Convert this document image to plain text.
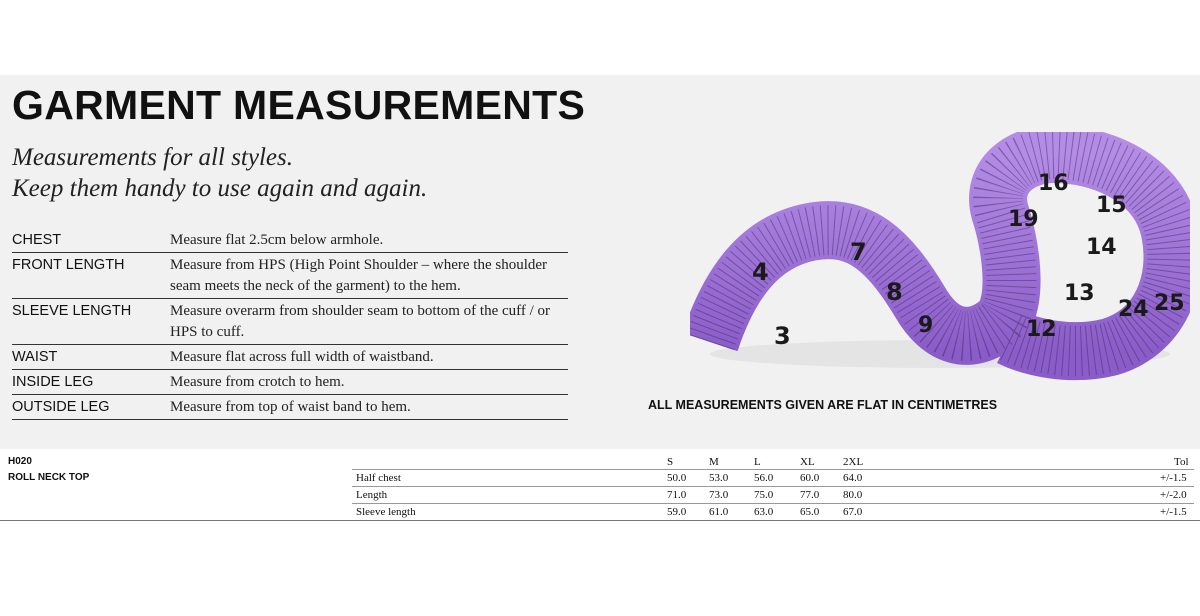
GARMENT MEASUREMENTS
Measurements for all styles.
Keep them handy to use again and again.
CHEST	Measure flat 2.5cm below armhole.
FRONT LENGTH	Measure from HPS (High Point Shoulder – where the shoulder seam meets the neck of the garment) to the hem.
SLEEVE LENGTH	Measure overarm from shoulder seam to bottom of the cuff / or HPS to cuff.
WAIST	Measure flat across full width of waistband.
INSIDE LEG	Measure from crotch to hem.
OUTSIDE LEG	Measure from top of waist band to hem.
4
3
7
8
9	12
13
14
15
16
19
24 25
ALL MEASUREMENTS GIVEN ARE FLAT IN CENTIMETRES
H020
ROLL NECK TOP
S	M	L	XL	2XL	Tol
Half chest	50.0 53.0 56.0 60.0 64.0	+/-1.5
Length	71.0 73.0 75.0 77.0 80.0	+/-2.0
Sleeve length	59.0 61.0 63.0 65.0 67.0	+/-1.5
